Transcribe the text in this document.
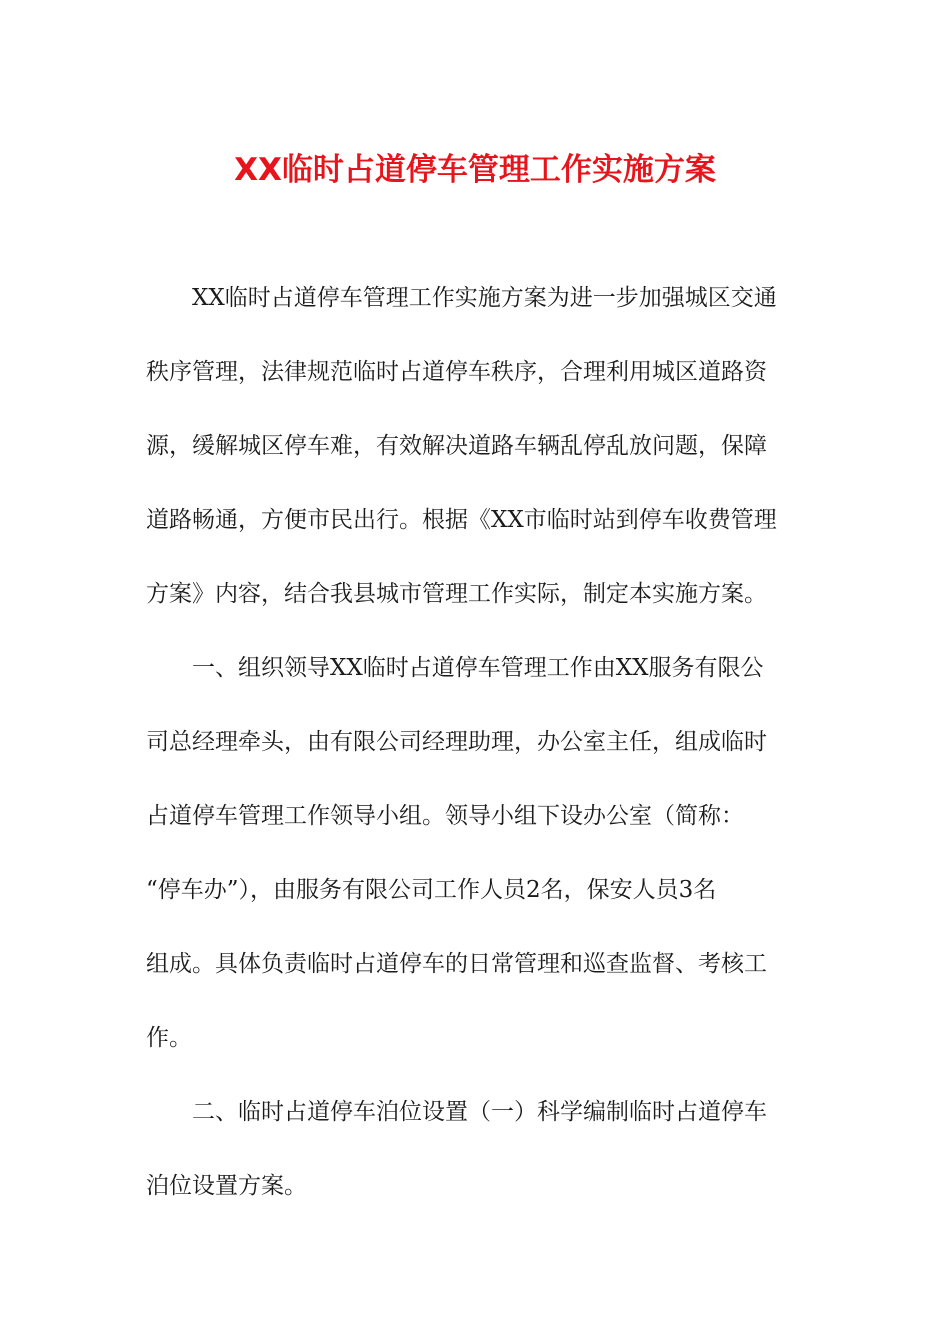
XX临时占道停车管理工作实施方案
XX临时占道停车管理工作实施方案为进一步加强城区交通
秩序管理，法律规范临时占道停车秩序，合理利用城区道路资
源，缓解城区停车难，有效解决道路车辆乱停乱放问题，保障
道路畅通，方便市民出行。根据《XX市临时站到停车收费管理
方案》内容，结合我县城市管理工作实际，制定本实施方案。
一、组织领导XX临时占道停车管理工作由XX服务有限公
司总经理牵头，由有限公司经理助理，办公室主任，组成临时
占道停车管理工作领导小组。领导小组下设办公室（简称：
“停车办”），由服务有限公司工作人员2名，保安人员3名
组成。具体负责临时占道停车的日常管理和巡查监督、考核工
作。
二、临时占道停车泊位设置（一）科学编制临时占道停车
泊位设置方案。
